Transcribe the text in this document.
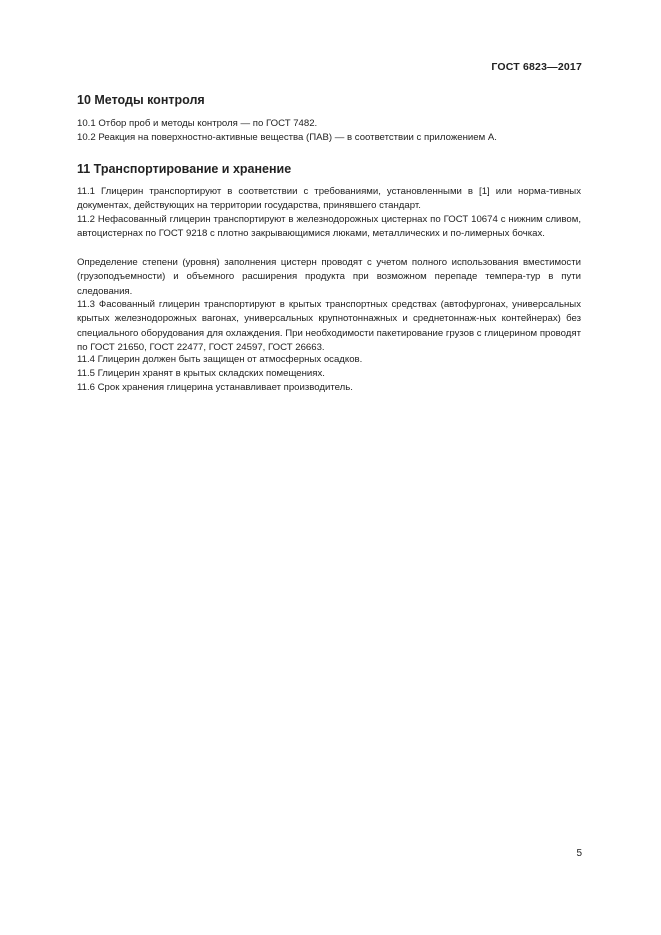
ГОСТ 6823—2017
10 Методы контроля

10.1 Отбор проб и методы контроля — по ГОСТ 7482.

10.2 Реакция на поверхностно-активные вещества (ПАВ) — в соответствии с приложением А.

11 Транспортирование и хранение

11.1 Глицерин транспортируют в соответствии с требованиями, установленными в [1] или норма-тивных документах, действующих на территории государства, принявшего стандарт.

11.2 Нефасованный глицерин транспортируют в железнодорожных цистернах по ГОСТ 10674 с нижним сливом, автоцистернах по ГОСТ 9218 с плотно закрывающимися люками, металлических и по-лимерных бочках.

Определение степени (уровня) заполнения цистерн проводят с учетом полного использования вместимости (грузоподъемности) и объемного расширения продукта при возможном перепаде темпера-тур в пути следования.

11.3 Фасованный глицерин транспортируют в крытых транспортных средствах (автофургонах, универсальных крытых железнодорожных вагонах, универсальных крупнотоннажных и среднетоннаж-ных контейнерах) без специального оборудования для охлаждения. При необходимости пакетирование грузов с глицерином проводят по ГОСТ 21650, ГОСТ 22477, ГОСТ 24597, ГОСТ 26663.

11.4 Глицерин должен быть защищен от атмосферных осадков.

11.5 Глицерин хранят в крытых складских помещениях.

11.6 Срок хранения глицерина устанавливает производитель.

5
